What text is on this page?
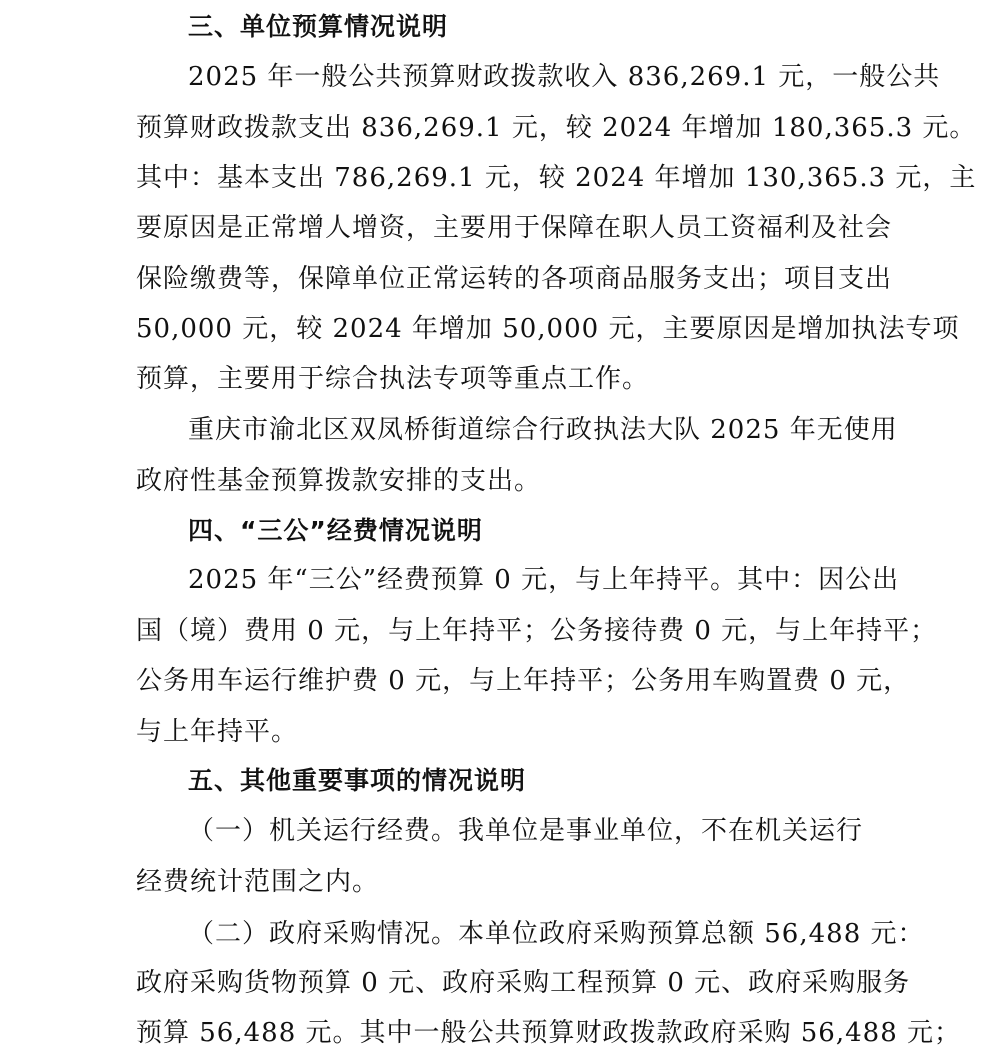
三、单位预算情况说明
2025 年一般公共预算财政拨款收入 836,269.1 元，一般公共
预算财政拨款支出 836,269.1 元，较 2024 年增加 180,365.3 元。
其中：基本支出 786,269.1 元，较 2024 年增加 130,365.3 元，主
要原因是正常增人增资，主要用于保障在职人员工资福利及社会
保险缴费等，保障单位正常运转的各项商品服务支出；项目支出
50,000 元，较 2024 年增加 50,000 元，主要原因是增加执法专项
预算，主要用于综合执法专项等重点工作。
重庆市渝北区双凤桥街道综合行政执法大队 2025 年无使用
政府性基金预算拨款安排的支出。
四、“三公”经费情况说明
2025 年“三公”经费预算 0 元，与上年持平。其中：因公出
国（境）费用 0 元，与上年持平；公务接待费 0 元，与上年持平；
公务用车运行维护费 0 元，与上年持平；公务用车购置费 0 元，
与上年持平。
五、其他重要事项的情况说明
（一）机关运行经费。我单位是事业单位，不在机关运行
经费统计范围之内。
（二）政府采购情况。本单位政府采购预算总额 56,488 元：
政府采购货物预算 0 元、政府采购工程预算 0 元、政府采购服务
预算 56,488 元。其中一般公共预算财政拨款政府采购 56,488 元；
